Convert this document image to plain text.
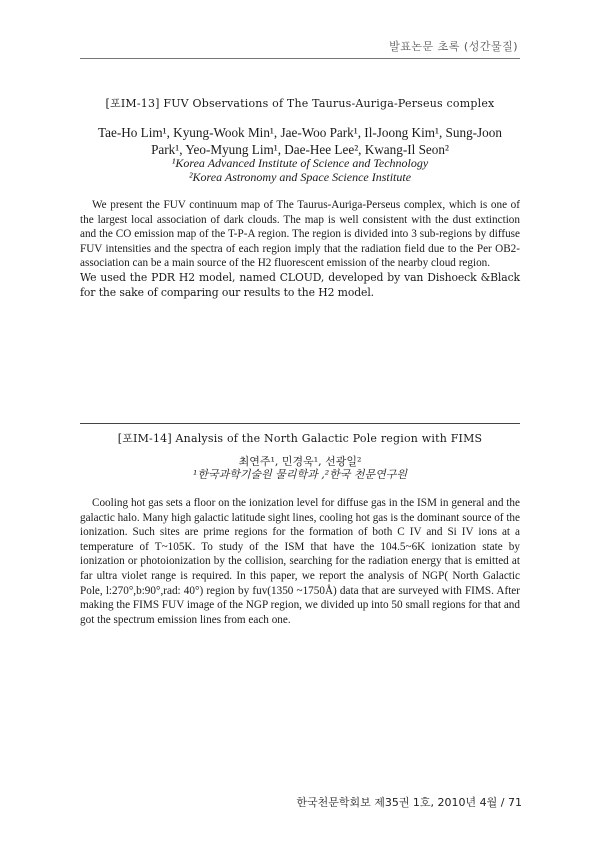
발표논문 초록 (성간물질)
[포IM-13] FUV Observations of The Taurus-Auriga-Perseus complex
Tae-Ho Lim¹, Kyung-Wook Min¹, Jae-Woo Park¹, Il-Joong Kim¹, Sung-Joon
Park¹, Yeo-Myung Lim¹, Dae-Hee Lee², Kwang-Il Seon²
¹Korea Advanced Institute of Science and Technology
²Korea Astronomy and Space Science Institute

We present the FUV continuum map of The Taurus-Auriga-Perseus complex, which is one of the largest local association of dark clouds. The map is well consistent with the dust extinction and the CO emission map of the T-P-A region. The region is divided into 3 sub-regions by diffuse FUV intensities and the spectra of each region imply that the radiation field due to the Per OB2-association can be a main source of the H2 fluorescent emission of the nearby cloud region.

We used the PDR H2 model, named CLOUD, developed by van Dishoeck &Black for the sake of comparing our results to the H2 model.

[포IM-14] Analysis of the North Galactic Pole region with FIMS
최연주¹, 민경욱¹, 선광일²
¹한국과학기술원 물리학과 ,²한국 천문연구원

Cooling hot gas sets a floor on the ionization level for diffuse gas in the ISM in general and the galactic halo. Many high galactic latitude sight lines, cooling hot gas is the dominant source of the ionization. Such sites are prime regions for the formation of both C IV and Si IV ions at a temperature of T~105K. To study of the ISM that have the 104.5~6K ionization state by ionization or photoionization by the collision, searching for the radiation energy that is emitted at far ultra violet range is required. In this paper, we report the analysis of NGP( North Galactic Pole, l:270°,b:90°,rad: 40°) region by fuv(1350 ~1750Å) data that are surveyed with FIMS. After making the FIMS FUV image of the NGP region, we divided up into 50 small regions for that and got the spectrum emission lines from each one.

한국천문학회보 제35권 1호, 2010년 4월 / 71
